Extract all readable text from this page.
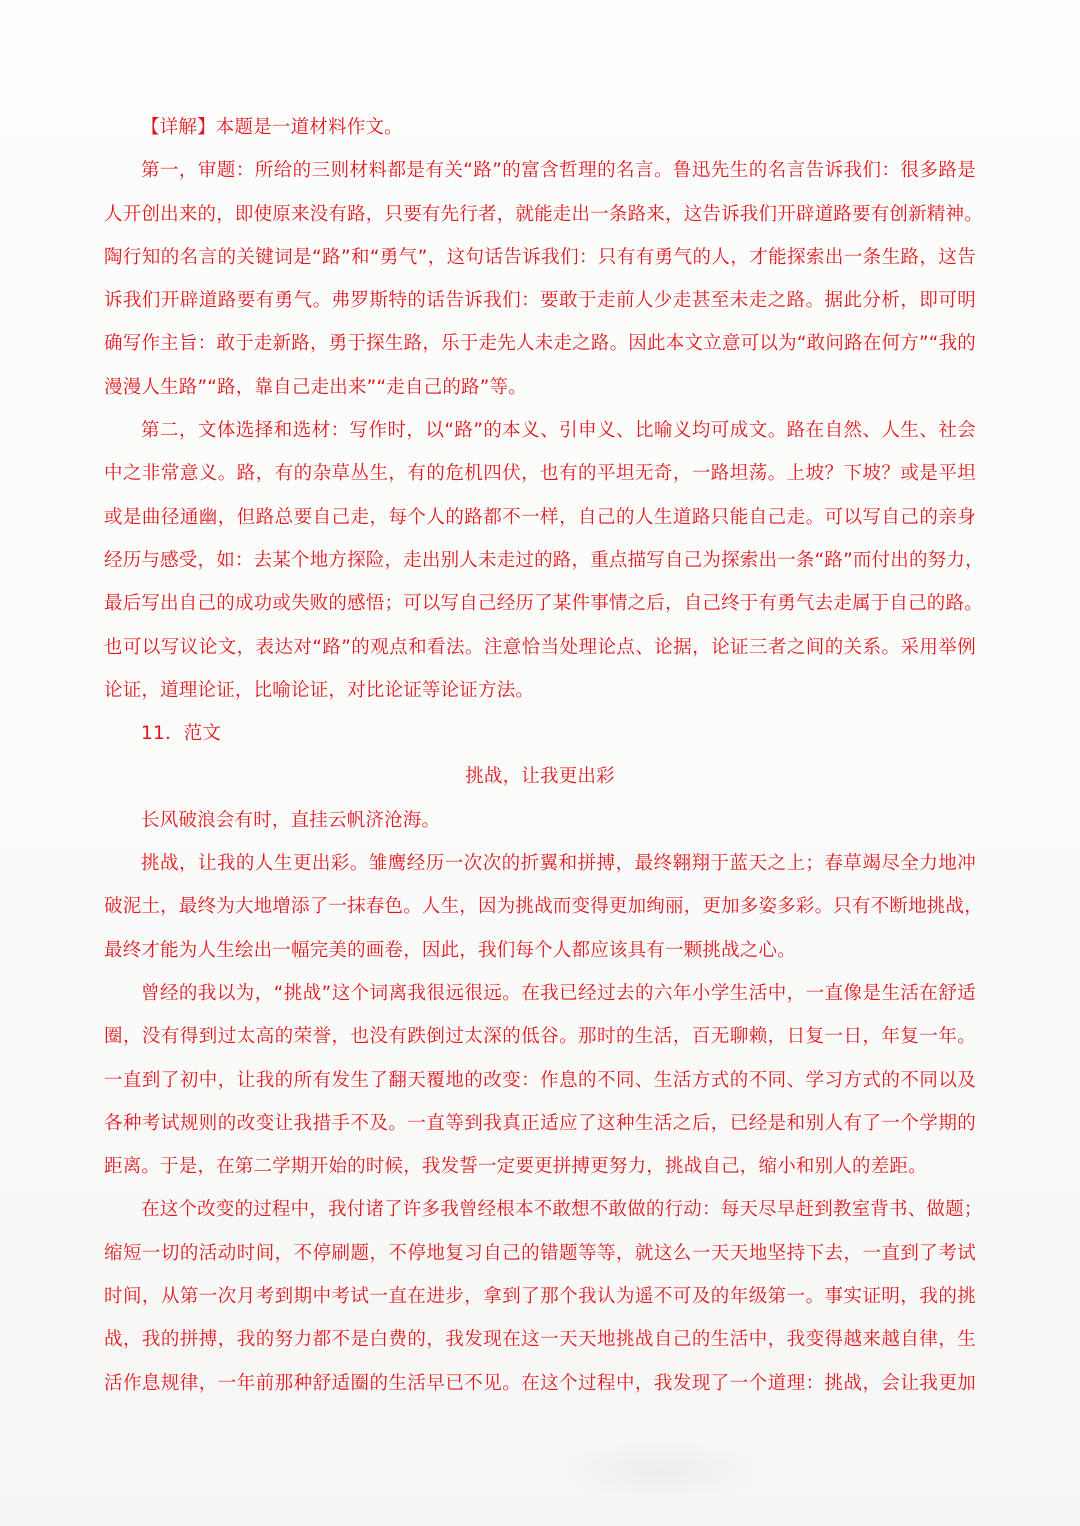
【详解】本题是一道材料作文。
第一，审题：所给的三则材料都是有关“路”的富含哲理的名言。鲁迅先生的名言告诉我们：很多路是
人开创出来的，即使原来没有路，只要有先行者，就能走出一条路来，这告诉我们开辟道路要有创新精神。
陶行知的名言的关键词是“路”和“勇气”，这句话告诉我们：只有有勇气的人，才能探索出一条生路，这告
诉我们开辟道路要有勇气。弗罗斯特的话告诉我们：要敢于走前人少走甚至未走之路。据此分析，即可明
确写作主旨：敢于走新路，勇于探生路，乐于走先人未走之路。因此本文立意可以为“敢问路在何方”“我的
漫漫人生路”“路，靠自己走出来”“走自己的路”等。
第二，文体选择和选材：写作时，以“路”的本义、引申义、比喻义均可成文。路在自然、人生、社会
中之非常意义。路，有的杂草丛生，有的危机四伏，也有的平坦无奇，一路坦荡。上坡？下坡？或是平坦
或是曲径通幽，但路总要自己走，每个人的路都不一样，自己的人生道路只能自己走。可以写自己的亲身
经历与感受，如：去某个地方探险，走出别人未走过的路，重点描写自己为探索出一条“路”而付出的努力，
最后写出自己的成功或失败的感悟；可以写自己经历了某件事情之后，自己终于有勇气去走属于自己的路。
也可以写议论文，表达对“路”的观点和看法。注意恰当处理论点、论据，论证三者之间的关系。采用举例
论证，道理论证，比喻论证，对比论证等论证方法。
11．范文
挑战，让我更出彩
长风破浪会有时，直挂云帆济沧海。
挑战，让我的人生更出彩。雏鹰经历一次次的折翼和拼搏，最终翱翔于蓝天之上；春草竭尽全力地冲
破泥土，最终为大地增添了一抹春色。人生，因为挑战而变得更加绚丽，更加多姿多彩。只有不断地挑战，
最终才能为人生绘出一幅完美的画卷，因此，我们每个人都应该具有一颗挑战之心。
曾经的我以为，“挑战”这个词离我很远很远。在我已经过去的六年小学生活中，一直像是生活在舒适
圈，没有得到过太高的荣誉，也没有跌倒过太深的低谷。那时的生活，百无聊赖，日复一日，年复一年。
一直到了初中，让我的所有发生了翻天覆地的改变：作息的不同、生活方式的不同、学习方式的不同以及
各种考试规则的改变让我措手不及。一直等到我真正适应了这种生活之后，已经是和别人有了一个学期的
距离。于是，在第二学期开始的时候，我发誓一定要更拼搏更努力，挑战自己，缩小和别人的差距。
在这个改变的过程中，我付诸了许多我曾经根本不敢想不敢做的行动：每天尽早赶到教室背书、做题；
缩短一切的活动时间，不停刷题，不停地复习自己的错题等等，就这么一天天地坚持下去，一直到了考试
时间，从第一次月考到期中考试一直在进步，拿到了那个我认为遥不可及的年级第一。事实证明，我的挑
战，我的拼搏，我的努力都不是白费的，我发现在这一天天地挑战自己的生活中，我变得越来越自律，生
活作息规律，一年前那种舒适圈的生活早已不见。在这个过程中，我发现了一个道理：挑战，会让我更加
